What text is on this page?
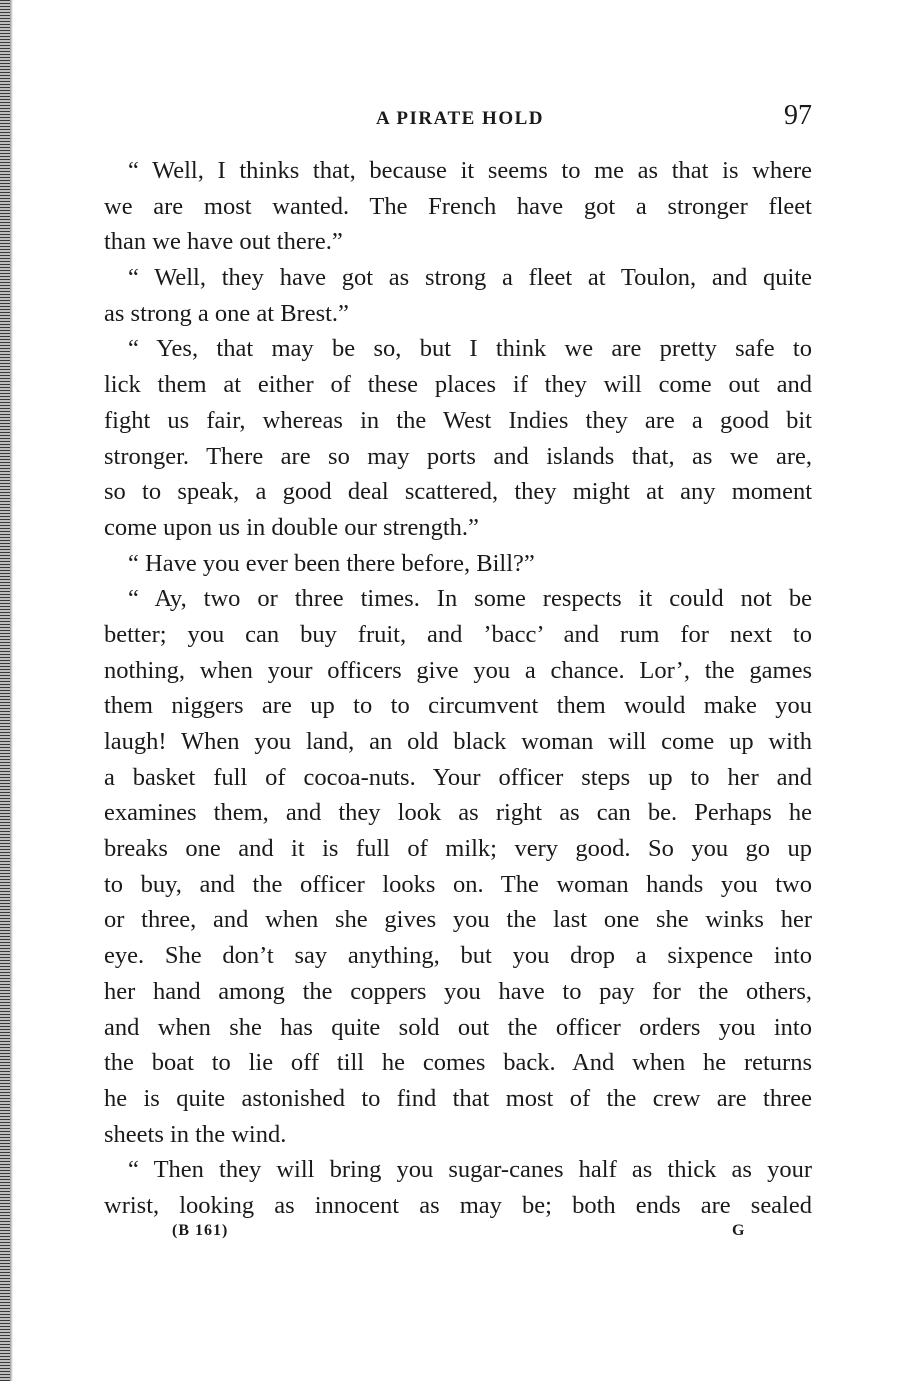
A PIRATE HOLD	97
“ Well, I thinks that, because it seems to me as that is where
we are most wanted. The French have got a stronger fleet
than we have out there.”
“ Well, they have got as strong a fleet at Toulon, and quite
as strong a one at Brest.”
“ Yes, that may be so, but I think we are pretty safe to
lick them at either of these places if they will come out and
fight us fair, whereas in the West Indies they are a good bit
stronger. There are so may ports and islands that, as we are,
so to speak, a good deal scattered, they might at any moment
come upon us in double our strength.”
“ Have you ever been there before, Bill?”
“ Ay, two or three times. In some respects it could not be
better; you can buy fruit, and ’bacc’ and rum for next to
nothing, when your officers give you a chance. Lor’, the games
them niggers are up to to circumvent them would make you
laugh! When you land, an old black woman will come up with
a basket full of cocoa-nuts. Your officer steps up to her and
examines them, and they look as right as can be. Perhaps he
breaks one and it is full of milk; very good. So you go up
to buy, and the officer looks on. The woman hands you two
or three, and when she gives you the last one she winks her
eye. She don’t say anything, but you drop a sixpence into
her hand among the coppers you have to pay for the others,
and when she has quite sold out the officer orders you into
the boat to lie off till he comes back. And when he returns
he is quite astonished to find that most of the crew are three
sheets in the wind.
“ Then they will bring you sugar-canes half as thick as your
wrist, looking as innocent as may be; both ends are sealed
(B 161)	G
